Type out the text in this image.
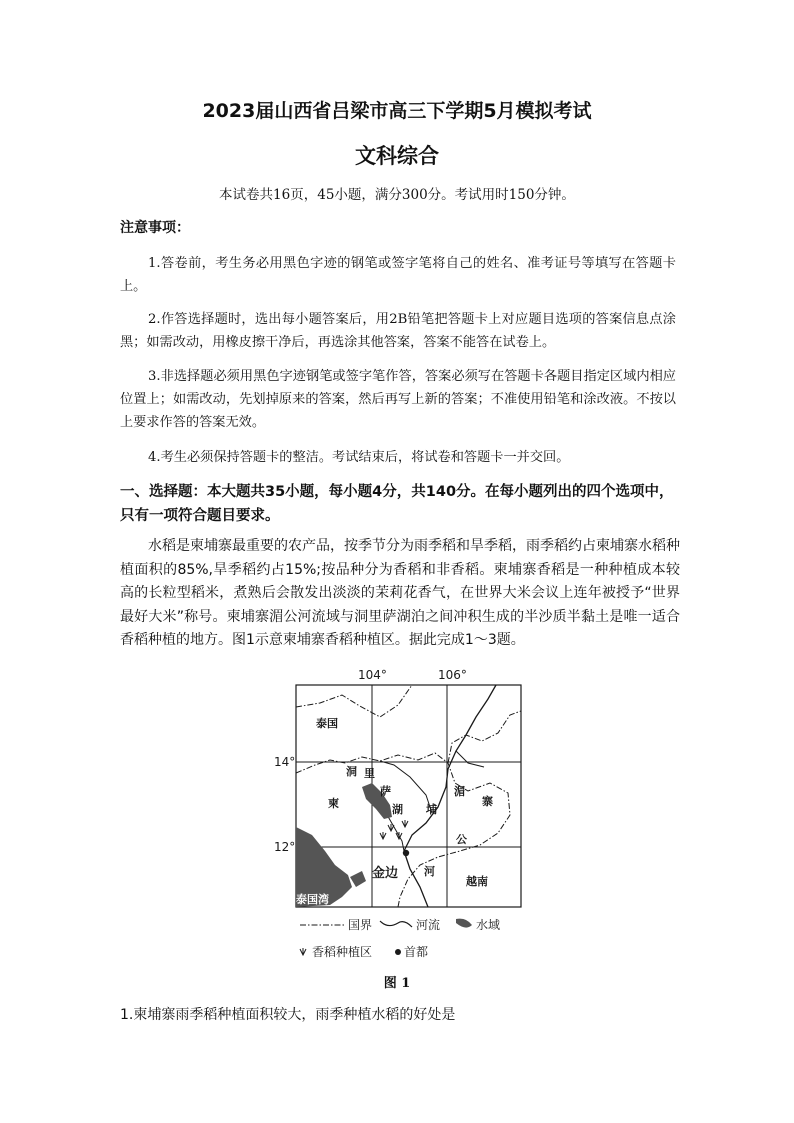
2023届山西省吕梁市高三下学期5月模拟考试
文科综合
本试卷共16页，45小题，满分300分。考试用时150分钟。
注意事项：

1.答卷前，考生务必用黑色字迹的钢笔或签字笔将自己的姓名、准考证号等填写在答题卡上。

2.作答选择题时，选出每小题答案后，用2B铅笔把答题卡上对应题目选项的答案信息点涂黑；如需改动，用橡皮擦干净后，再选涂其他答案，答案不能答在试卷上。

3.非选择题必须用黑色字迹钢笔或签字笔作答，答案必须写在答题卡各题目指定区域内相应位置上；如需改动，先划掉原来的答案，然后再写上新的答案；不准使用铅笔和涂改液。不按以上要求作答的答案无效。

4.考生必须保持答题卡的整洁。考试结束后，将试卷和答题卡一并交回。

一、选择题：本大题共35小题，每小题4分，共140分。在每小题列出的四个选项中，只有一项符合题目要求。

水稻是柬埔寨最重要的农产品，按季节分为雨季稻和旱季稻，雨季稻约占柬埔寨水稻种植面积的85%,旱季稻约占15%;按品种分为香稻和非香稻。柬埔寨香稻是一种种植成本较高的长粒型稻米，煮熟后会散发出淡淡的茉莉花香气，在世界大米会议上连年被授予“世界最好大米”称号。柬埔寨湄公河流域与洞里萨湖泊之间冲积生成的半沙质半黏土是唯一适合香稻种植的地方。图1示意柬埔寨香稻种植区。据此完成1～3题。

104°	106°
14°
12°
泰国
洞 里
萨
湖
柬	埔
寨
湄
公
河
金边
越南
泰国湾
国界	河流	水域
香稻种植区	首都
图 1
1.柬埔寨雨季稻种植面积较大，雨季种植水稻的好处是
